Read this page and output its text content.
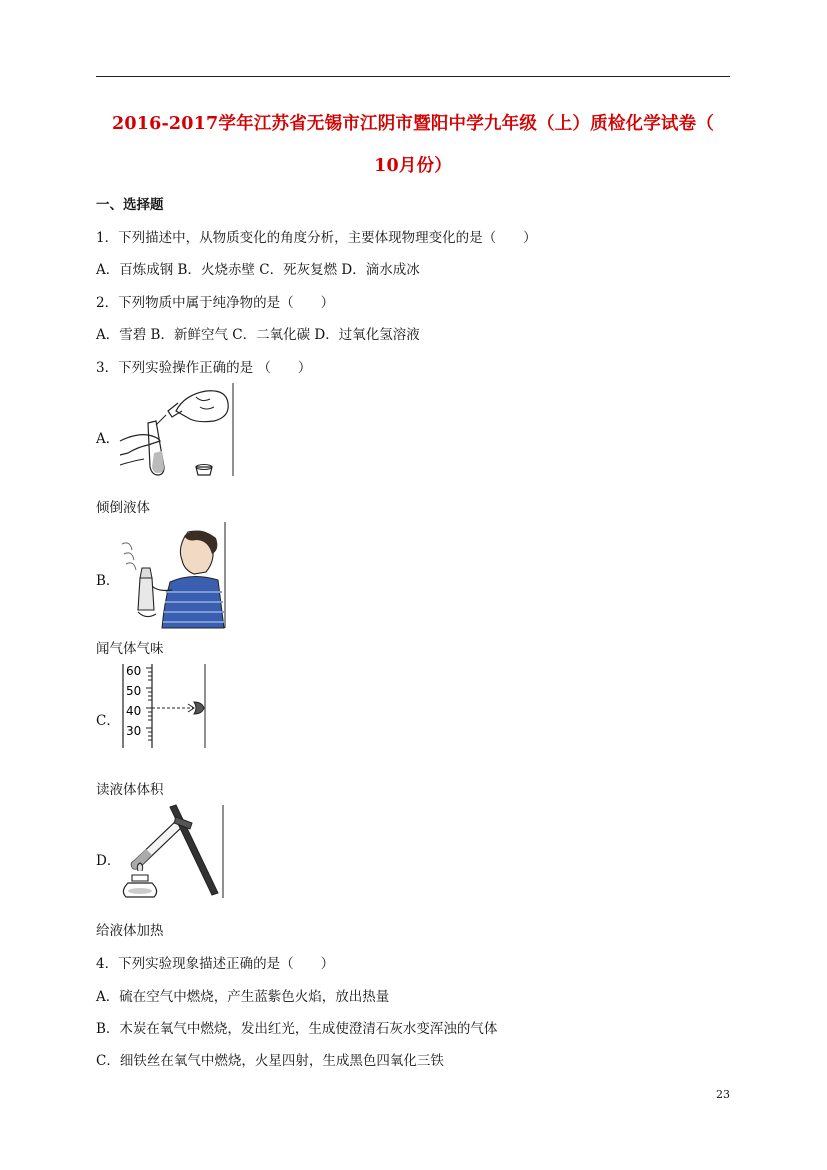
2016-2017学年江苏省无锡市江阴市暨阳中学九年级（上）质检化学试卷（
10月份）
一、选择题
1．下列描述中，从物质变化的角度分析，主要体现物理变化的是（　　）
A．百炼成钢 B．火烧赤壁 C．死灰复燃 D．滴水成冰
2．下列物质中属于纯净物的是（　　）
A．雪碧 B．新鲜空气 C．二氧化碳 D．过氧化氢溶液
3．下列实验操作正确的是 （　　）
A．
倾倒液体
B．
闻气体气味
C．
60
50
40
30
读液体体积
D．
给液体加热
4．下列实验现象描述正确的是（　　）
A．硫在空气中燃烧，产生蓝紫色火焰，放出热量
B．木炭在氧气中燃烧，发出红光，生成使澄清石灰水变浑浊的气体
C．细铁丝在氧气中燃烧，火星四射，生成黑色四氧化三铁
23
